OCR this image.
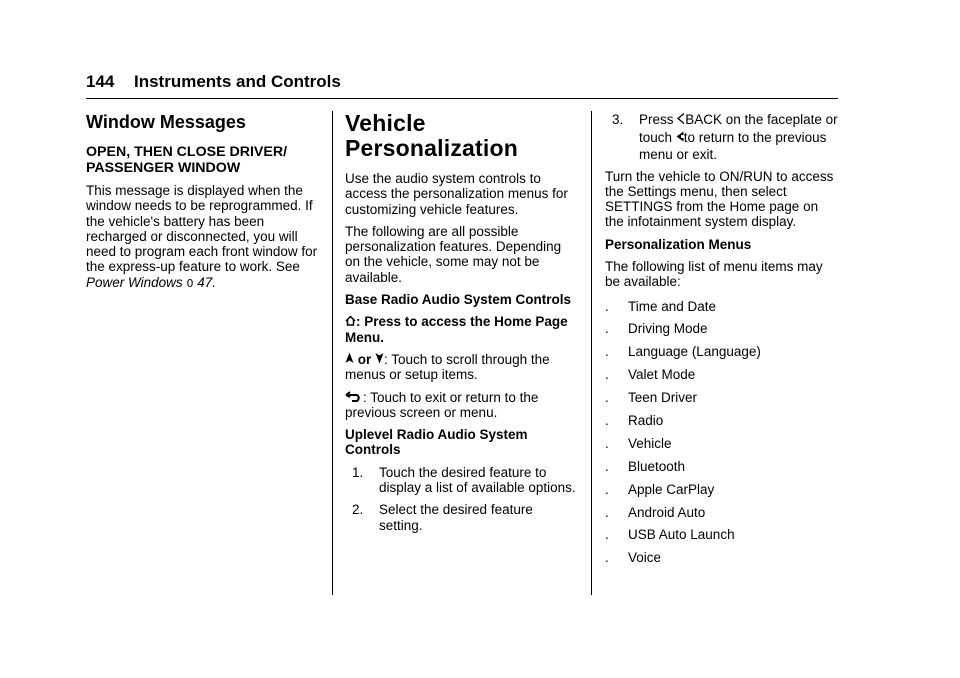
144 Instruments and Controls
Window Messages
OPEN, THEN CLOSE DRIVER/ PASSENGER WINDOW

This message is displayed when the window needs to be reprogrammed. If the vehicle's battery has been recharged or disconnected, you will need to program each front window for the express-up feature to work. See Power Windows 0 47.

Vehicle Personalization

Use the audio system controls to access the personalization menus for customizing vehicle features.

The following are all possible personalization features. Depending on the vehicle, some may not be available.

Base Radio Audio System Controls

: Press to access the Home Page Menu.

or : Touch to scroll through the menus or setup items.

: Touch to exit or return to the previous screen or menu.

Uplevel Radio Audio System Controls
1.	Touch the desired feature to display a list of available options.
2.	Select the desired feature setting.
3.	Press BACK on the faceplate or touch to return to the previous menu or exit.

Turn the vehicle to ON/RUN to access the Settings menu, then select SETTINGS from the Home page on the infotainment system display.

Personalization Menus

The following list of menu items may be available:

.	Time and Date
.	Driving Mode
.	Language (Language)
.	Valet Mode
.	Teen Driver
.	Radio
.	Vehicle
.	Bluetooth
.	Apple CarPlay
.	Android Auto
.	USB Auto Launch
.	Voice
